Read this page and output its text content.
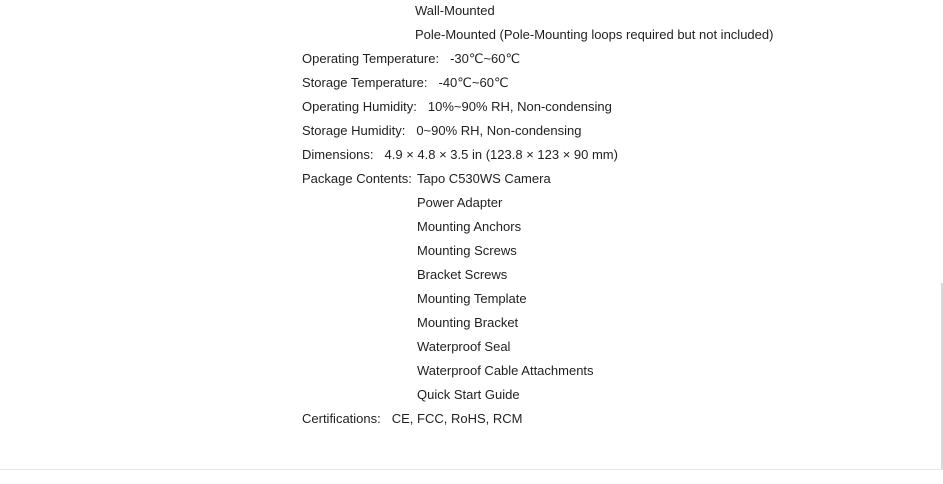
Wall-Mounted
Pole-Mounted (Pole-Mounting loops required but not included)
Operating Temperature: -30℃~60℃
Storage Temperature: -40℃~60℃
Operating Humidity: 10%~90% RH, Non-condensing
Storage Humidity: 0~90% RH, Non-condensing
Dimensions: 4.9 × 4.8 × 3.5 in (123.8 × 123 × 90 mm)
Package Contents: Tapo C530WS Camera
Power Adapter
Mounting Anchors
Mounting Screws
Bracket Screws
Mounting Template
Mounting Bracket
Waterproof Seal
Waterproof Cable Attachments
Quick Start Guide
Certifications: CE, FCC, RoHS, RCM
